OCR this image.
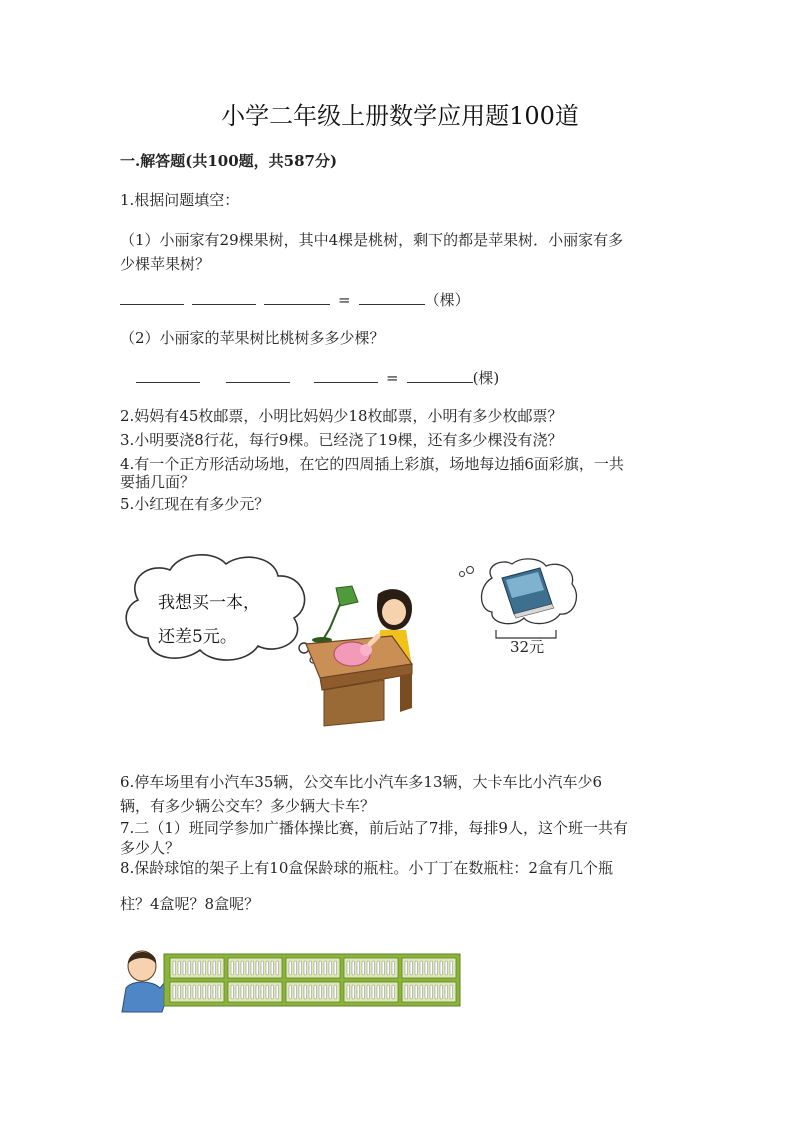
小学二年级上册数学应用题100道
一.解答题(共100题，共587分)
1.根据问题填空：
（1）小丽家有29棵果树，其中4棵是桃树，剩下的都是苹果树．小丽家有多
少棵苹果树？
=	（棵）
（2）小丽家的苹果树比桃树多多少棵？
=	(棵)
2.妈妈有45枚邮票，小明比妈妈少18枚邮票，小明有多少枚邮票？
3.小明要浇8行花，每行9棵。已经浇了19棵，还有多少棵没有浇？
4.有一个正方形活动场地，在它的四周插上彩旗，场地每边插6面彩旗，一共
要插几面？
5.小红现在有多少元？
我想买一本，
还差5元。	32元
6.停车场里有小汽车35辆，公交车比小汽车多13辆，大卡车比小汽车少6
辆，有多少辆公交车？多少辆大卡车？
7.二（1）班同学参加广播体操比赛，前后站了7排，每排9人，这个班一共有
多少人？
8.保龄球馆的架子上有10盒保龄球的瓶柱。小丁丁在数瓶柱：2盒有几个瓶
柱？4盒呢？8盒呢？
